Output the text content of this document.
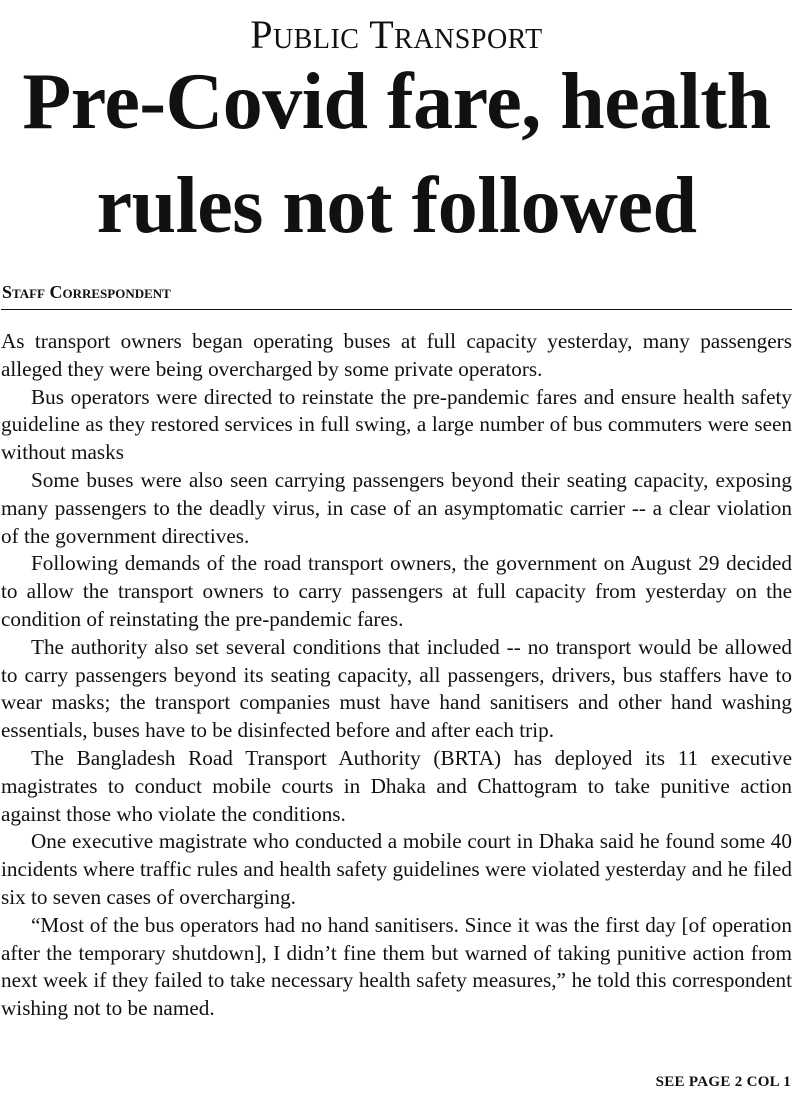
Public Transport
Pre-Covid fare, health rules not followed
Staff Correspondent

As transport owners began operating buses at full capacity yesterday, many passengers alleged they were being overcharged by some private operators.

Bus operators were directed to reinstate the pre-pandemic fares and ensure health safety guideline as they restored services in full swing, a large number of bus commuters were seen without masks

Some buses were also seen carrying passengers beyond their seating capacity, exposing many passengers to the deadly virus, in case of an asymptomatic carrier -- a clear violation of the government directives.

Following demands of the road transport owners, the government on August 29 decided to allow the transport owners to carry passengers at full capacity from yesterday on the condition of reinstating the pre-pandemic fares.

The authority also set several conditions that included -- no transport would be allowed to carry passengers beyond its seating capacity, all passengers, drivers, bus staffers have to wear masks; the transport companies must have hand sanitisers and other hand washing essentials, buses have to be disinfected before and after each trip.

The Bangladesh Road Transport Authority (BRTA) has deployed its 11 executive magistrates to conduct mobile courts in Dhaka and Chattogram to take punitive action against those who violate the conditions.

One executive magistrate who conducted a mobile court in Dhaka said he found some 40 incidents where traffic rules and health safety guidelines were violated yesterday and he filed six to seven cases of overcharging.

“Most of the bus operators had no hand sanitisers. Since it was the first day [of operation after the temporary shutdown], I didn’t fine them but warned of taking punitive action from next week if they failed to take necessary health safety measures,” he told this correspondent wishing not to be named.

SEE PAGE 2 COL 1
